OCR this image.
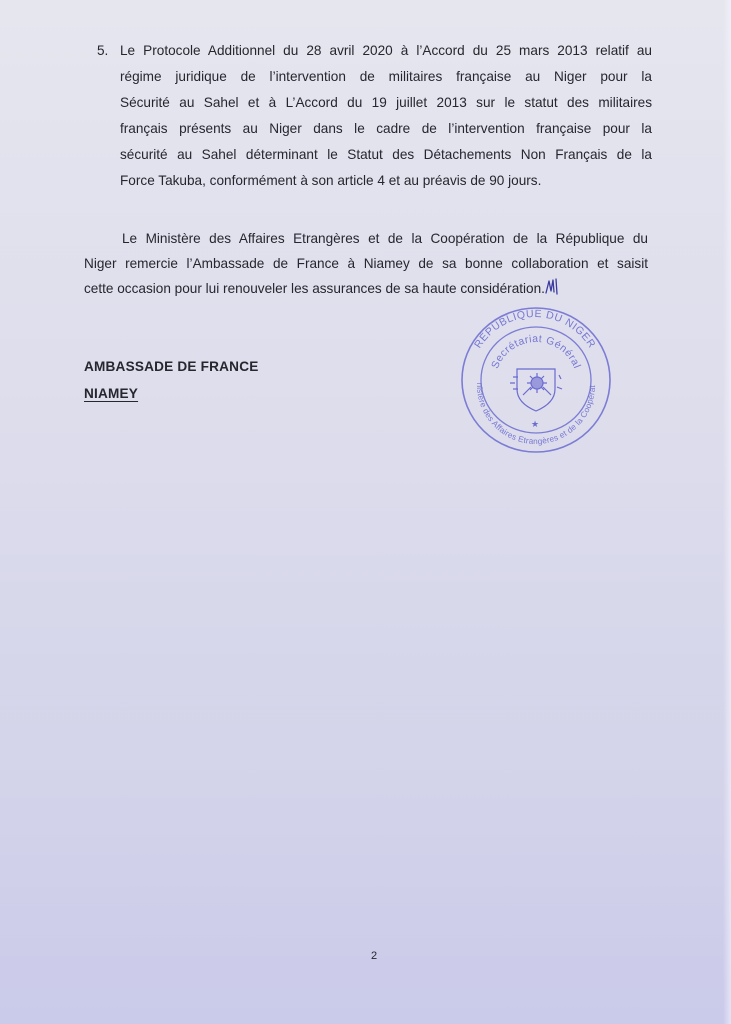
5. Le Protocole Additionnel du 28 avril 2020 à l’Accord du 25 mars 2013 relatif au
régime juridique de l’intervention de militaires française au Niger pour la
Sécurité au Sahel et à L’Accord du 19 juillet 2013 sur le statut des militaires
français présents au Niger dans le cadre de l’intervention française pour la
sécurité au Sahel déterminant le Statut des Détachements Non Français de la
Force Takuba, conformément à son article 4 et au préavis de 90 jours.
Le Ministère des Affaires Etrangères et de la Coopération de la République du
Niger remercie l’Ambassade de France à Niamey de sa bonne collaboration et saisit
cette occasion pour lui renouveler les assurances de sa haute considération.
AMBASSADE DE FRANCE
NIAMEY
RÉPUBLIQUE DU NIGER
nistère des Affaires Etrangères et de la Coopérat
Secrétariat Général
★
2
